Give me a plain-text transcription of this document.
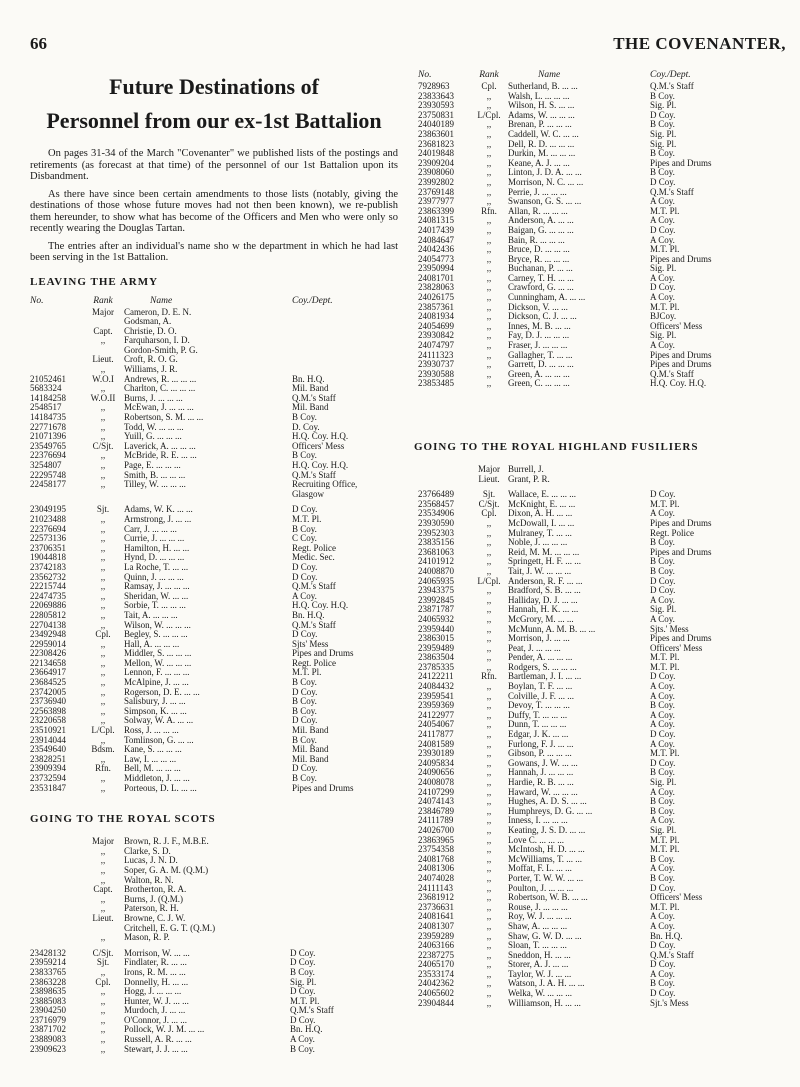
66	THE COVENANTER,
Future Destinations of
Personnel from our ex-1st Battalion

On pages 31-34 of the March "Covenanter" we published lists of the postings and retirements (as forecast at that time) of the personnel of our 1st Battalion upon its Disbandment.

As there have since been certain amendments to those lists (notably, giving the destinations of those whose future moves had not then been known), we re-publish them hereunder, to show what has become of the Officers and Men who were only so recently wearing the Douglas Tartan.

The entries after an individual's name sho w the department in which he had last been serving in the 1st Battalion.

LEAVING THE ARMY
No.	Rank	Name	Coy./Dept.
Major	Cameron, D. E. N.
Godsman, A.
Capt.	Christie, D. O.
,,	Farquharson, I. D.
Gordon-Smith, P. G.
Lieut.	Croft, R. O. G.
,,	Williams, J. R.
21052461	W.O.I	Andrews, R. ... ... ...	Bn. H.Q.
5683324	,,	Charlton, C. ... ... ...	Mil. Band
14184258	W.O.II Burns, J. ... ... ...	Q.M.'s Staff
2548517	,,	McEwan, J. ... ... ...	Mil. Band
14184735	,,	Robertson, S. M. ... ...	B Coy.
22771678	,,	Todd, W. ... ... ...	D. Coy.
21071396	,,	Yuill, G. ... ... ...	H.Q. Coy. H.Q.
23549765	C/Sjt.	Laverick, A. ... ... ...	Officers' Mess
22376694	,,	McBride, R. E. ... ...	B Coy.
3254807	,,	Page, E. ... ... ...	H.Q. Coy. H.Q.
22295748	,,	Smith, B. ... ... ...	Q.M.'s Staff
22458177	,,	Tilley, W. ... ... ...	Recruiting Office,
Glasgow
23049195	Sjt.	Adams, W. K. ... ...	D Coy.
21023488	,,	Armstrong, J. ... ...	M.T. Pl.
22376694	,,	Carr, J. ... ... ...	B Coy.
22573136	,,	Currie, J. ... ... ...	C Coy.
23706351	,,	Hamilton, H. ... ...	Regt. Police
19044818	,,	Hynd, D. ... ... ...	Medic. Sec.
23742183	,,	La Roche, T. ... ...	D Coy.
23562732	,,	Quinn, J. ... ... ...	D Coy.
22215744	,,	Ramsay, J. ... ... ...	Q.M.'s Staff
22474735	,,	Sheridan, W. ... ...	A Coy.
22069886	,,	Sorbie, T. ... ... ...	H.Q. Coy. H.Q.
22805812	,,	Tait, A. ... ... ...	Bn. H.Q.
22704138	,,	Wilson, W. ... ... ...	Q.M.'s Staff
23492948	Cpl.	Begley, S. ... ... ...	D Coy.
22959014	,,	Hall, A. ... ... ...	Sjts' Mess
22308426	,,	Middler, S. ... ... ...	Pipes and Drums
22134658	,,	Mellon, W. ... ... ...	Regt. Police
23664917	,,	Lennon, F. ... ... ...	M.T. Pl.
23684525	,,	McAlpine, J. ... ...	B Coy.
23742005	,,	Rogerson, D. E. ... ...	D Coy.
23736940	,,	Salisbury, J. ... ...	B Coy.
22563898	,,	Simpson, K. ... ...	B Coy.
23220658	,,	Solway, W. A. ... ...	D Coy.
23510921	L/Cpl.	Ross, J. ... ... ...	Mil. Band
23914044	,,	Tomlinson, G. ... ...	B Coy.
23549640	Bdsm.	Kane, S. ... ... ...	Mil. Band
23828251	,,	Law, I. ... ... ...	Mil. Band
23909394	Rfn.	Bell, M. ... ... ...	D Coy.
23732594	,,	Middleton, J. ... ...	B Coy.
23531847	,,	Porteous, D. L. ... ...	Pipes and Drums
GOING TO THE ROYAL SCOTS
Major	Brown, R. J. F., M.B.E.
,,	Clarke, S. D.
,,	Lucas, J. N. D.
,,	Soper, G. A. M. (Q.M.)
,,	Walton, R. N.
Capt.	Brotherton, R. A.
,,	Burns, J. (Q.M.)
,,	Paterson, R. H.
Lieut.	Browne, C. J. W.
Critchell, E. G. T. (Q.M.)
,,	Mason, R. P.
23428132	C/Sjt.	Morrison, W. ... ...	D Coy.
23959214	Sjt.	Findlater, R. ... ...	D Coy.
23833765	,,	Irons, R. M. ... ...	B Coy.
23863228	Cpl.	Donnelly, H. ... ...	Sig. Pl.
23898635	,,	Hogg, J. ... ... ...	D Coy.
23885083	,,	Hunter, W. J. ... ...	M.T. Pl.
23904250	,,	Murdoch, J. ... ...	Q.M.'s Staff
23716979	,,	O'Connor, J. ... ...	D Coy.
23871702	,,	Pollock, W. J. M. ... ...	Bn. H.Q.
23889083	,,	Russell, A. R. ... ...	A Coy.
23909623	,,	Stewart, J. J. ... ...	B Coy.
No.	Rank	Name	Coy./Dept.
7928963	Cpl.	Sutherland, B. ... ...	Q.M.'s Staff
23833643	,,	Walsh, L. ... ... ...	B Coy.
23930593	,,	Wilson, H. S. ... ...	Sig. Pl.
23750831	L/Cpl. Adams, W. ... ... ...	D Coy.
24040189	,,	Brenan, P. ... ... ...	B Coy.
23863601	,,	Caddell, W. C. ... ...	Sig. Pl.
23681823	,,	Dell, R. D. ... ... ...	Sig. Pl.
24019848	,,	Durkin, M. ... ... ...	B Coy.
23909204	,,	Keane, A. J. ... ...	Pipes and Drums
23908060	,,	Linton, J. D. A. ... ...	B Coy.
23992802	,,	Morrison, N. C. ... ...	D Coy.
23769148	,,	Perrie, J. ... ... ...	Q.M.'s Staff
23977977	,,	Swanson, G. S. ... ...	A Coy.
23863399	Rfn.	Allan, R. ... ... ...	M.T. Pl.
24081315	,,	Anderson, A. ... ...	A Coy.
24017439	,,	Baigan, G. ... ... ...	D Coy.
24084647	,,	Bain, R. ... ... ...	A Coy.
24042436	,,	Bruce, D. ... ... ...	M.T. Pl.
24054773	,,	Bryce, R. ... ... ...	Pipes and Drums
23950994	,,	Buchanan, P. ... ...	Sig. Pl.
24081701	,,	Carney, T. H. ... ...	A Coy.
23828063	,,	Crawford, G. ... ...	D Coy.
24026175	,,	Cunningham, A. ... ...	A Coy.
23857361	,,	Dickson, V. ... ...	M.T. Pl.
24081934	,,	Dickson, C. J. ... ...	BJCoy.
24054699	,,	Innes, M. B. ... ...	Officers' Mess
23930842	,,	Fay, D. J. ... ... ...	Sig. Pl.
24074797	,,	Fraser, J. ... ... ...	A Coy.
24111323	,,	Gallagher, T. ... ...	Pipes and Drums
23930737	,,	Garrett, D. ... ... ...	Pipes and Drums
23930588	,,	Green, A. ... ... ...	Q.M.'s Staff
23853485	,,	Green, C. ... ... ...	H.Q. Coy. H.Q.
GOING TO THE ROYAL HIGHLAND FUSILIERS
Major Burrell, J.
Lieut. Grant, P. R.
23766489	Sjt.	Wallace, E. ... ... ...	D Coy.
23568457	C/Sjt. McKnight, E. ... ...	M.T. Pl.
23534906	Cpl.	Dixon, A. H. ... ...	A Coy.
23930590	,,	McDowall, I. ... ...	Pipes and Drums
23952303	,,	Mulraney, T. ... ...	Regt. Police
23835156	,,	Noble, J. ... ... ...	B Coy.
23681063	,,	Reid, M. M. ... ... ...	Pipes and Drums
24101912	,,	Springett, H. F. ... ...	B Coy.
24008870	,,	Tait, J. W. ... ... ...	B Coy.
24065935	L/Cpl. Anderson, R. F. ... ...	D Coy.
23943375	,,	Bradford, S. B. ... ...	D Coy.
23992845	,,	Halliday, D. J. ... ...	A Coy.
23871787	,,	Hannah, H. K. ... ...	Sig. Pl.
24065932	,,	McGrory, M. ... ...	A Coy.
23959440	,,	McMunn, A. M. B. ... ...	Sjts.' Mess
23863015	,,	Morrison, J. ... ...	Pipes and Drums
23959489	,,	Peat, J. ... ... ...	Officers' Mess
23863504	,,	Pender, A. ... ... ...	M.T. Pl.
23785335	,,	Rodgers, S. ... ... ...	M.T. Pl.
24122211	Rfn.	Bartleman, J. I. ... ...	D Coy.
24084432	,,	Boylan, T. F. ... ...	A Coy.
23959541	,,	Colville, J. F. ... ...	A Coy.
23959369	,,	Devoy, T. ... ... ...	B Coy.
24122977	,,	Duffy, T. ... ... ...	A Coy.
24054067	,,	Dunn, T. ... ... ...	A Coy.
24117877	,,	Edgar, J. K. ... ...	D Coy.
24081589	,,	Furlong, F. J. ... ...	A Coy.
23930189	,,	Gibson, P. ... ... ...	M.T. Pl.
24095834	,,	Gowans, J. W. ... ...	D Coy.
24090656	,,	Hannah, J. ... ... ...	B Coy.
24008078	,,	Hardie, R. B. ... ...	Sig. Pl.
24107299	,,	Haward, W. ... ... ...	A Coy.
24074143	,,	Hughes, A. D. S. ... ...	B Coy.
23846789	,,	Humphreys, D. G. ... ...	B Coy.
24111789	,,	Inness, I. ... ... ...	A Coy.
24026700	,,	Keating, J. S. D. ... ...	Sig. Pl.
23863965	,,	Love C. ... ... ...	M.T. Pl.
23754358	,,	McIntosh, H. D. ... ...	M.T. Pl.
24081768	,,	McWilliams, T. ... ...	B Coy.
24081306	,,	Moffat, F. L. ... ...	A Coy.
24074028	,,	Porter, T. W. W. ... ...	B Coy.
24111143	,,	Poulton, J. ... ... ...	D Coy.
23681912	,,	Robertson, W. B. ... ...	Officers' Mess
23736631	,,	Rouse, J. ... ... ...	M.T. Pl.
24081641	,,	Roy, W. J. ... ... ...	A Coy.
24081307	,,	Shaw, A. ... ... ...	A Coy.
23959289	,,	Shaw, G. W. D. ... ...	Bn. H.Q.
24063166	,,	Sloan, T. ... ... ...	D Coy.
22387275	,,	Sneddon, H. ... ...	Q.M.'s Staff
24065170	,,	Storer, A. J. ... ...	D Coy.
23533174	,,	Taylor, W. J. ... ...	A Coy.
24042362	,,	Watson, J. A. H. ... ...	B Coy.
24065602	,,	Welka, W. ... ... ...	D Coy.
23904844	,,	Williamson, H. ... ...	Sjt.'s Mess
